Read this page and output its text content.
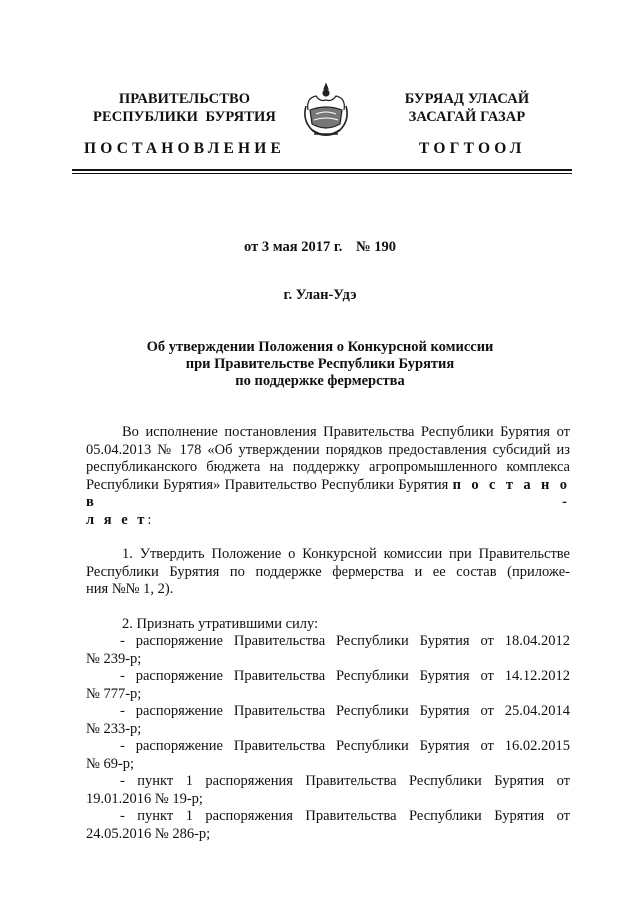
ПРАВИТЕЛЬСТВО
РЕСПУБЛИКИ  БУРЯТИЯ
БУРЯАД УЛАСАЙ
ЗАСАГАЙ ГАЗАР
ПОСТАНОВЛЕНИЕ	ТОГТООЛ
от 3 мая 2017 г. № 190
г. Улан-Удэ
Об утверждении Положения о Конкурсной комиссии
при Правительстве Республики Бурятия
по поддержке фермерства
Во исполнение постановления Правительства Республики Бурятия от
05.04.2013 № 178 «Об утверждении порядков предоставления субсидий из
республиканского бюджета на поддержку агропромышленного комплекса
Республики Бурятия» Правительство Республики Бурятия п о с т а н о в -
л я е т:
1. Утвердить Положение о Конкурсной комиссии при Правительстве
Республики Бурятия по поддержке фермерства и ее состав (приложе-
ния №№ 1, 2).
2. Признать утратившими силу:
- распоряжение Правительства Республики Бурятия от 18.04.2012
№ 239-р;
- распоряжение Правительства Республики Бурятия от 14.12.2012
№ 777-р;
- распоряжение Правительства Республики Бурятия от 25.04.2014
№ 233-р;
- распоряжение Правительства Республики Бурятия от 16.02.2015
№ 69-р;
- пункт 1 распоряжения Правительства Республики Бурятия от
19.01.2016 № 19-р;
- пункт 1 распоряжения Правительства Республики Бурятия от
24.05.2016 № 286-р;
